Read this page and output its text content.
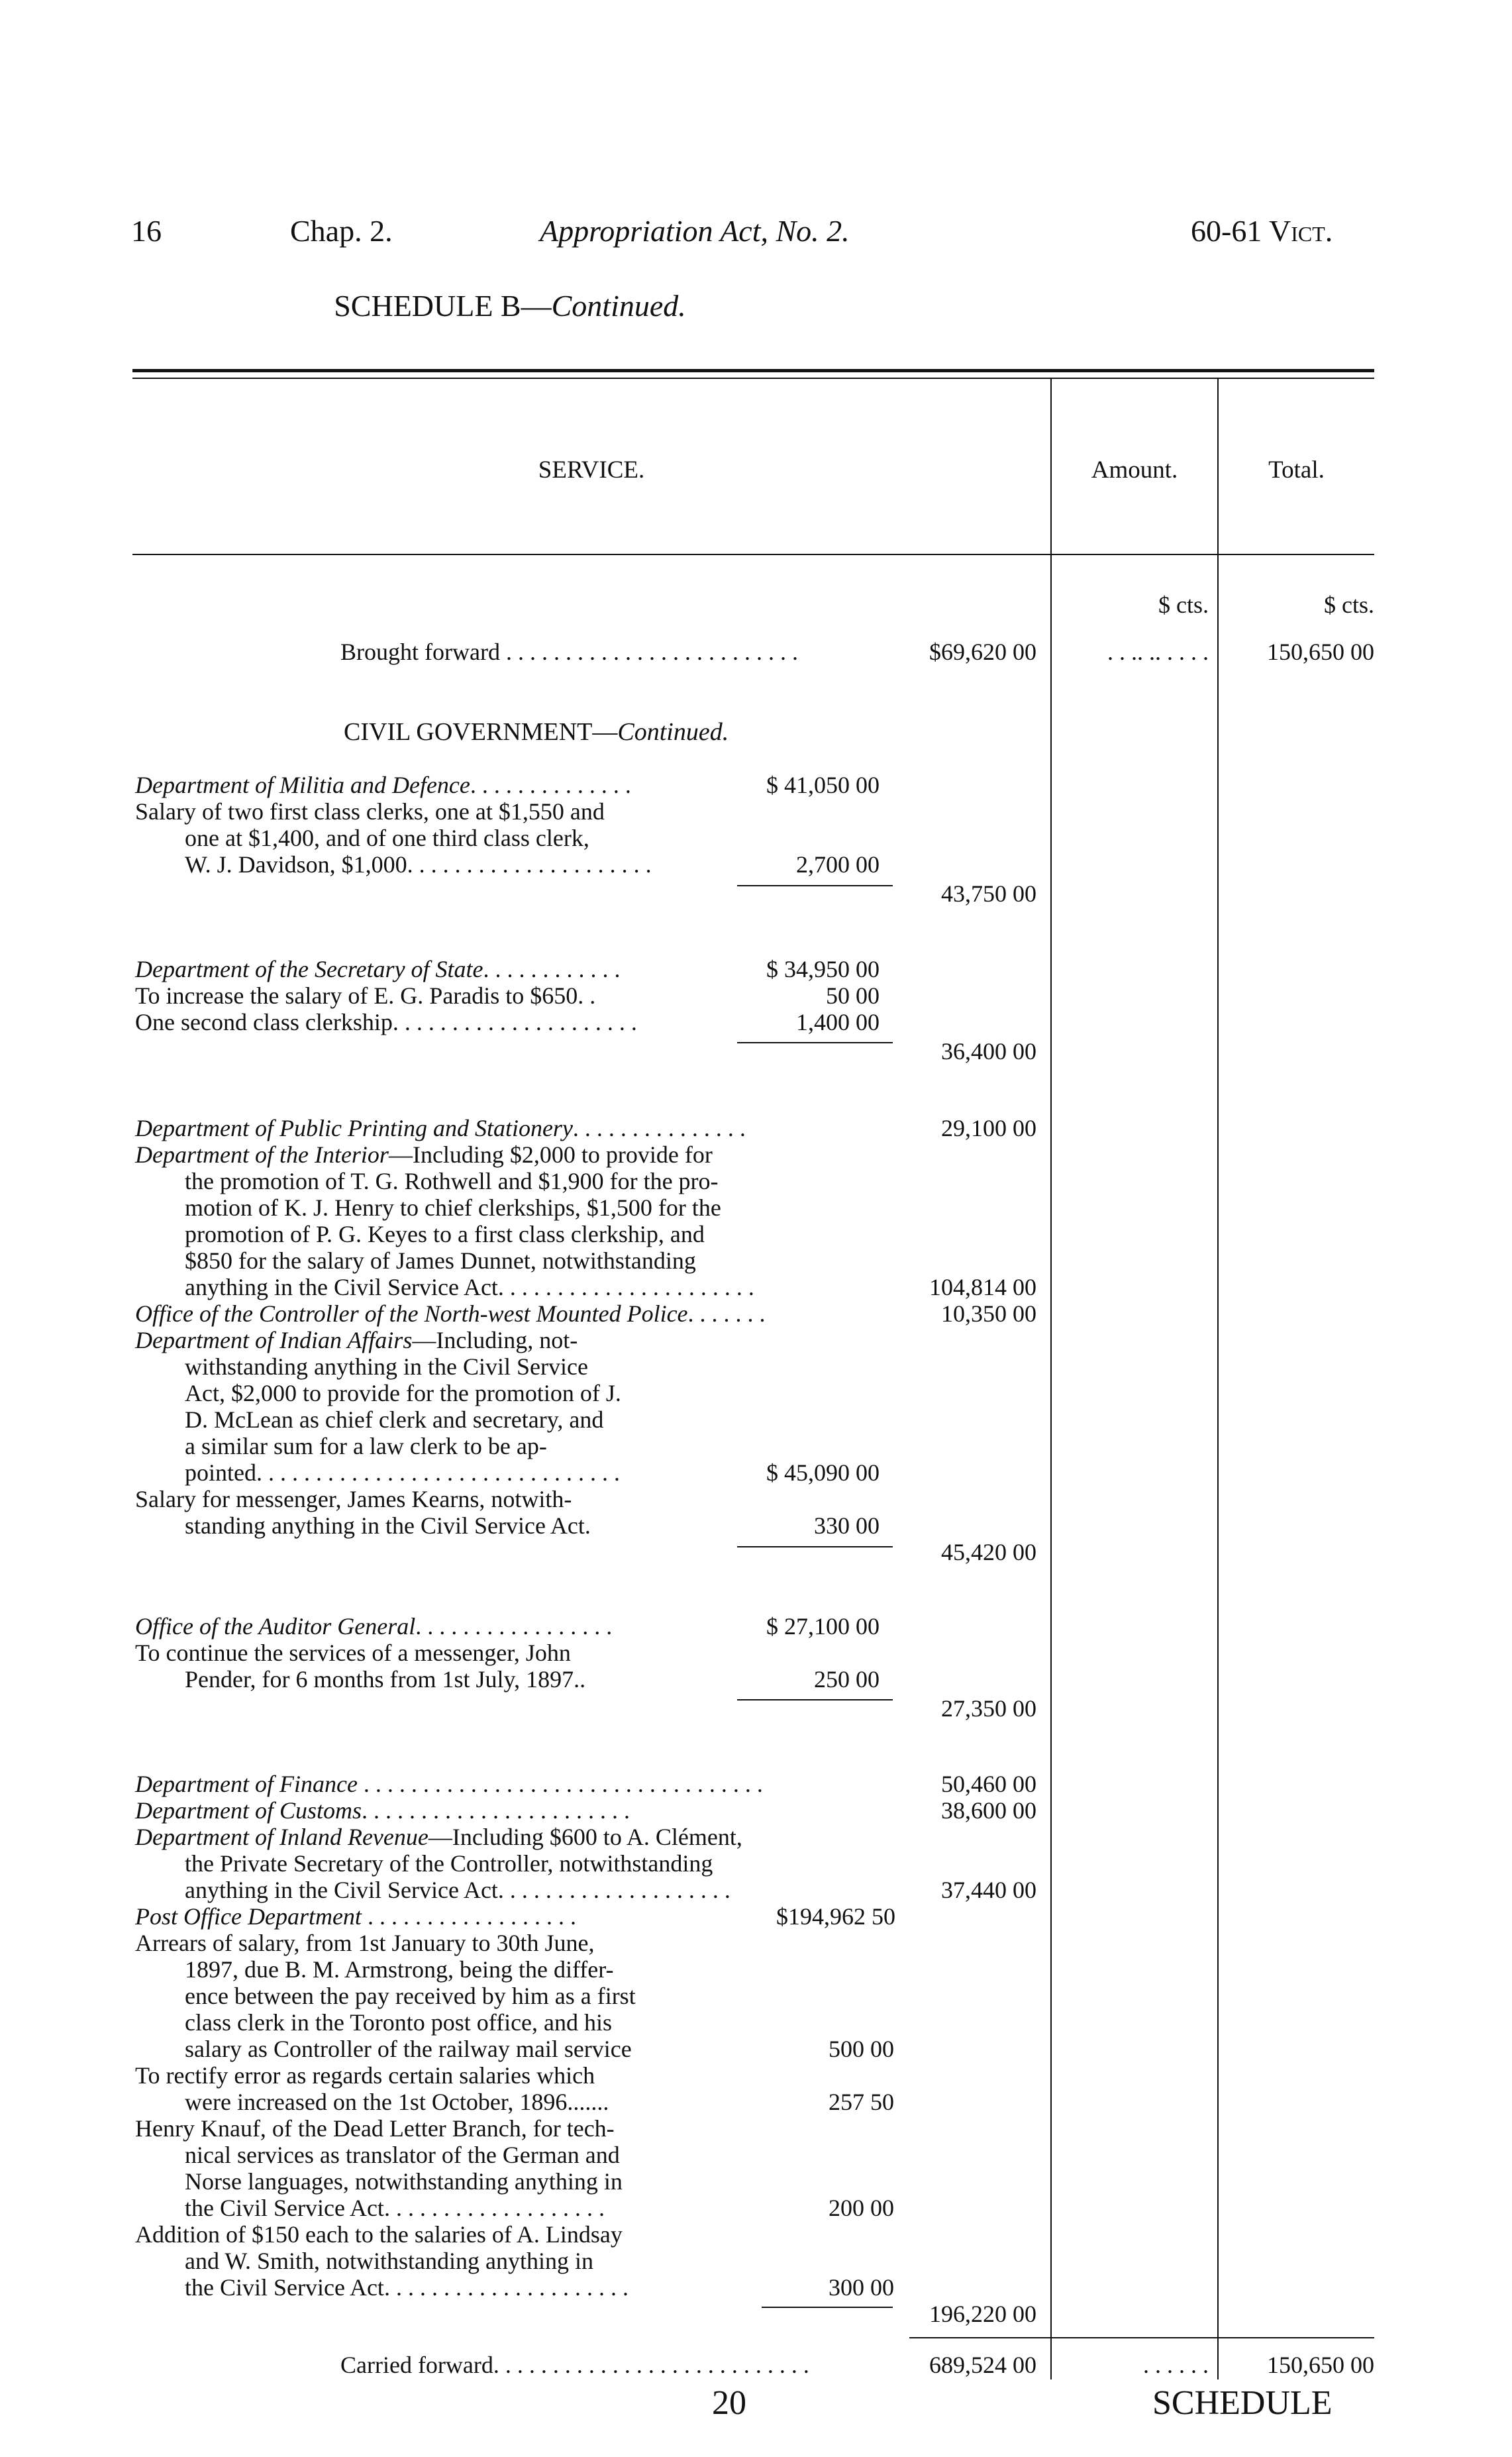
16	Chap. 2.	Appropriation Act, No. 2.	60-61 Vict.
SCHEDULE B—Continued.
SERVICE.	Amount.	Total.
$ cts.	$ cts.
Brought forward . . . . . . . . . . . . . . . . . . . . . . . . .	$69,620 00	. . .. .. . . . .	150,650 00
CIVIL GOVERNMENT—Continued.
Department of Militia and Defence. . . . . . . . . . . . . .	$ 41,050 00
Salary of two first class clerks, one at $1,550 and
one at $1,400, and of one third class clerk,
W. J. Davidson, $1,000. . . . . . . . . . . . . . . . . . . . .	2,700 00
43,750 00
Department of the Secretary of State. . . . . . . . . . . .	$ 34,950 00
To increase the salary of E. G. Paradis to $650. .	50 00
One second class clerkship. . . . . . . . . . . . . . . . . . . . .	1,400 00
36,400 00
Department of Public Printing and Stationery. . . . . . . . . . . . . . .	29,100 00
Department of the Interior—Including $2,000 to provide for
the promotion of T. G. Rothwell and $1,900 for the pro-
motion of K. J. Henry to chief clerkships, $1,500 for the
promotion of P. G. Keyes to a first class clerkship, and
$850 for the salary of James Dunnet, notwithstanding
anything in the Civil Service Act. . . . . . . . . . . . . . . . . . . . . .	104,814 00
Office of the Controller of the North-west Mounted Police. . . . . . .	10,350 00
Department of Indian Affairs—Including, not-
withstanding anything in the Civil Service
Act, $2,000 to provide for the promotion of J.
D. McLean as chief clerk and secretary, and
a similar sum for a law clerk to be ap-
pointed. . . . . . . . . . . . . . . . . . . . . . . . . . . . . . .	$ 45,090 00
Salary for messenger, James Kearns, notwith-
standing anything in the Civil Service Act.	330 00
45,420 00
Office of the Auditor General. . . . . . . . . . . . . . . . .	$ 27,100 00
To continue the services of a messenger, John
Pender, for 6 months from 1st July, 1897..	250 00
27,350 00
Department of Finance . . . . . . . . . . . . . . . . . . . . . . . . . . . . . . . . . .	50,460 00
Department of Customs. . . . . . . . . . . . . . . . . . . . . . .	38,600 00
Department of Inland Revenue—Including $600 to A. Clément,
the Private Secretary of the Controller, notwithstanding
anything in the Civil Service Act. . . . . . . . . . . . . . . . . . . .	37,440 00
Post Office Department . . . . . . . . . . . . . . . . . .	$194,962 50
Arrears of salary, from 1st January to 30th June,
1897, due B. M. Armstrong, being the differ-
ence between the pay received by him as a first
class clerk in the Toronto post office, and his
salary as Controller of the railway mail service	500 00
To rectify error as regards certain salaries which
were increased on the 1st October, 1896.......	257 50
Henry Knauf, of the Dead Letter Branch, for tech-
nical services as translator of the German and
Norse languages, notwithstanding anything in
the Civil Service Act. . . . . . . . . . . . . . . . . . .	200 00
Addition of $150 each to the salaries of A. Lindsay
and W. Smith, notwithstanding anything in
the Civil Service Act. . . . . . . . . . . . . . . . . . . . .	300 00
196,220 00
Carried forward. . . . . . . . . . . . . . . . . . . . . . . . . . .	689,524 00	. . . . . .	150,650 00
20	SCHEDULE
